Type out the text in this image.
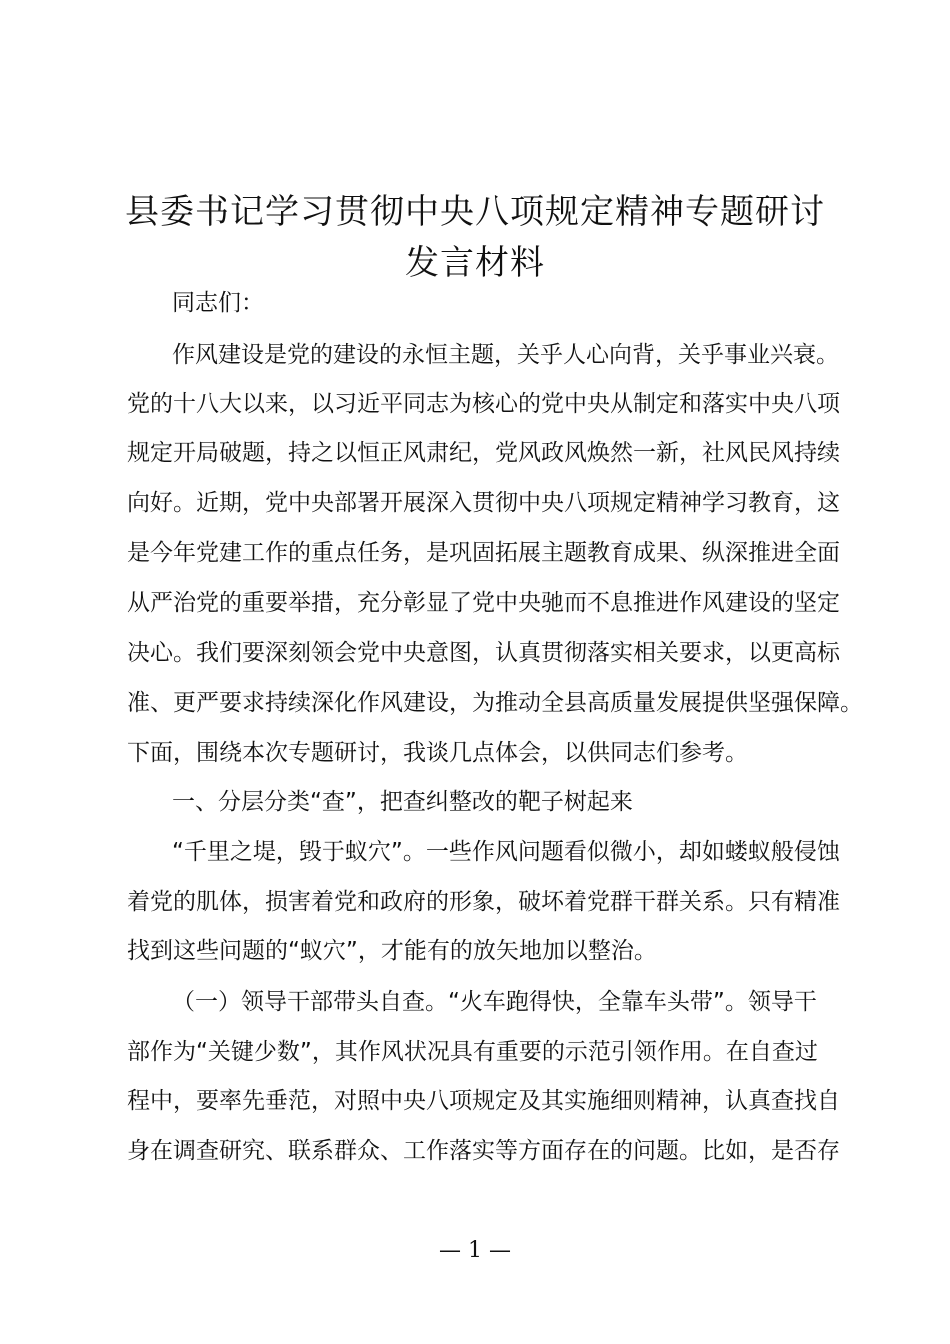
县委书记学习贯彻中央八项规定精神专题研讨
发言材料

同志们：

作风建设是党的建设的永恒主题，关乎人心向背，关乎事业兴衰。

党的十八大以来，以习近平同志为核心的党中央从制定和落实中央八项

规定开局破题，持之以恒正风肃纪，党风政风焕然一新，社风民风持续

向好。近期，党中央部署开展深入贯彻中央八项规定精神学习教育，这

是今年党建工作的重点任务，是巩固拓展主题教育成果、纵深推进全面

从严治党的重要举措，充分彰显了党中央驰而不息推进作风建设的坚定

决心。我们要深刻领会党中央意图，认真贯彻落实相关要求，以更高标

准、更严要求持续深化作风建设，为推动全县高质量发展提供坚强保障。

下面，围绕本次专题研讨，我谈几点体会，以供同志们参考。

一、分层分类“查”，把查纠整改的靶子树起来

“千里之堤，毁于蚁穴”。一些作风问题看似微小，却如蝼蚁般侵蚀

着党的肌体，损害着党和政府的形象，破坏着党群干群关系。只有精准

找到这些问题的“蚁穴”，才能有的放矢地加以整治。

（一）领导干部带头自查。“火车跑得快，全靠车头带”。领导干

部作为“关键少数”，其作风状况具有重要的示范引领作用。在自查过

程中，要率先垂范，对照中央八项规定及其实施细则精神，认真查找自

身在调查研究、联系群众、工作落实等方面存在的问题。比如，是否存

— 1 —
